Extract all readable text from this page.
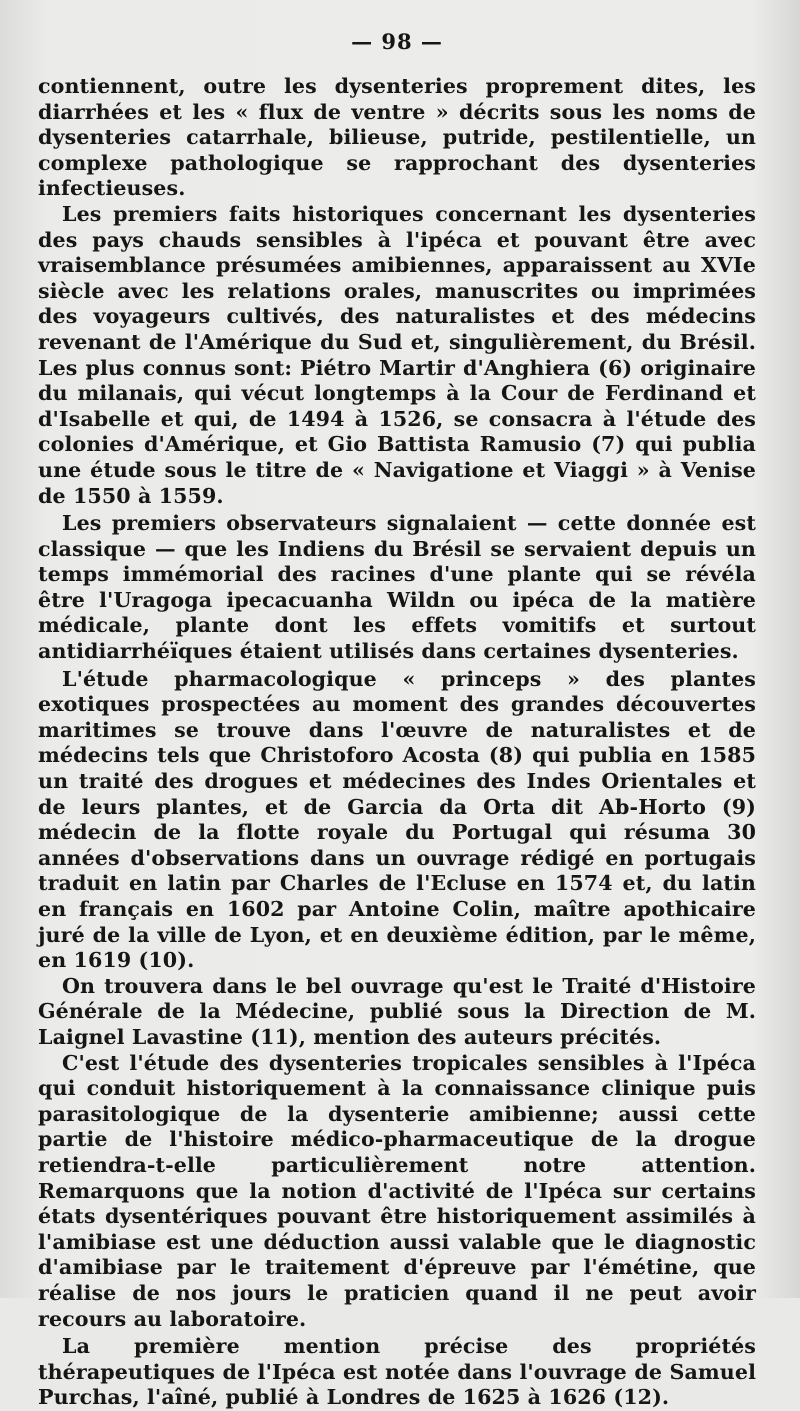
— 98 —

contiennent, outre les dysenteries proprement dites, les diarrhées et les « flux de ventre » décrits sous les noms de dysenteries catarrhale, bilieuse, putride, pestilentielle, un complexe pathologique se rapprochant des dysenteries infectieuses.

Les premiers faits historiques concernant les dysenteries des pays chauds sensibles à l'ipéca et pouvant être avec vraisemblance présumées amibiennes, apparaissent au XVIe siècle avec les relations orales, manuscrites ou imprimées des voyageurs cultivés, des naturalistes et des médecins revenant de l'Amérique du Sud et, singulièrement, du Brésil. Les plus connus sont: Piétro Martir d'Anghiera (6) originaire du milanais, qui vécut longtemps à la Cour de Ferdinand et d'Isabelle et qui, de 1494 à 1526, se consacra à l'étude des colonies d'Amérique, et Gio Battista Ramusio (7) qui publia une étude sous le titre de « Navigatione et Viaggi » à Venise de 1550 à 1559.

Les premiers observateurs signalaient — cette donnée est classique — que les Indiens du Brésil se servaient depuis un temps immémorial des racines d'une plante qui se révéla être l'Uragoga ipecacuanha Wildn ou ipéca de la matière médicale, plante dont les effets vomitifs et surtout antidiarrhéïques étaient utilisés dans certaines dysenteries.

L'étude pharmacologique « princeps » des plantes exotiques prospectées au moment des grandes découvertes maritimes se trouve dans l'œuvre de naturalistes et de médecins tels que Christoforo Acosta (8) qui publia en 1585 un traité des drogues et médecines des Indes Orientales et de leurs plantes, et de Garcia da Orta dit Ab-Horto (9) médecin de la flotte royale du Portugal qui résuma 30 années d'observations dans un ouvrage rédigé en portugais traduit en latin par Charles de l'Ecluse en 1574 et, du latin en français en 1602 par Antoine Colin, maître apothicaire juré de la ville de Lyon, et en deuxième édition, par le même, en 1619 (10).

On trouvera dans le bel ouvrage qu'est le Traité d'Histoire Générale de la Médecine, publié sous la Direction de M. Laignel Lavastine (11), mention des auteurs précités.

C'est l'étude des dysenteries tropicales sensibles à l'Ipéca qui conduit historiquement à la connaissance clinique puis parasitologique de la dysenterie amibienne; aussi cette partie de l'histoire médico-pharmaceutique de la drogue retiendra-t-elle particulièrement notre attention. Remarquons que la notion d'activité de l'Ipéca sur certains états dysentériques pouvant être historiquement assimilés à l'amibiase est une déduction aussi valable que le diagnostic d'amibiase par le traitement d'épreuve par l'émétine, que réalise de nos jours le praticien quand il ne peut avoir recours au laboratoire.

La première mention précise des propriétés thérapeutiques de l'Ipéca est notée dans l'ouvrage de Samuel Purchas, l'aîné, publié à Londres de 1625 à 1626 (12).
